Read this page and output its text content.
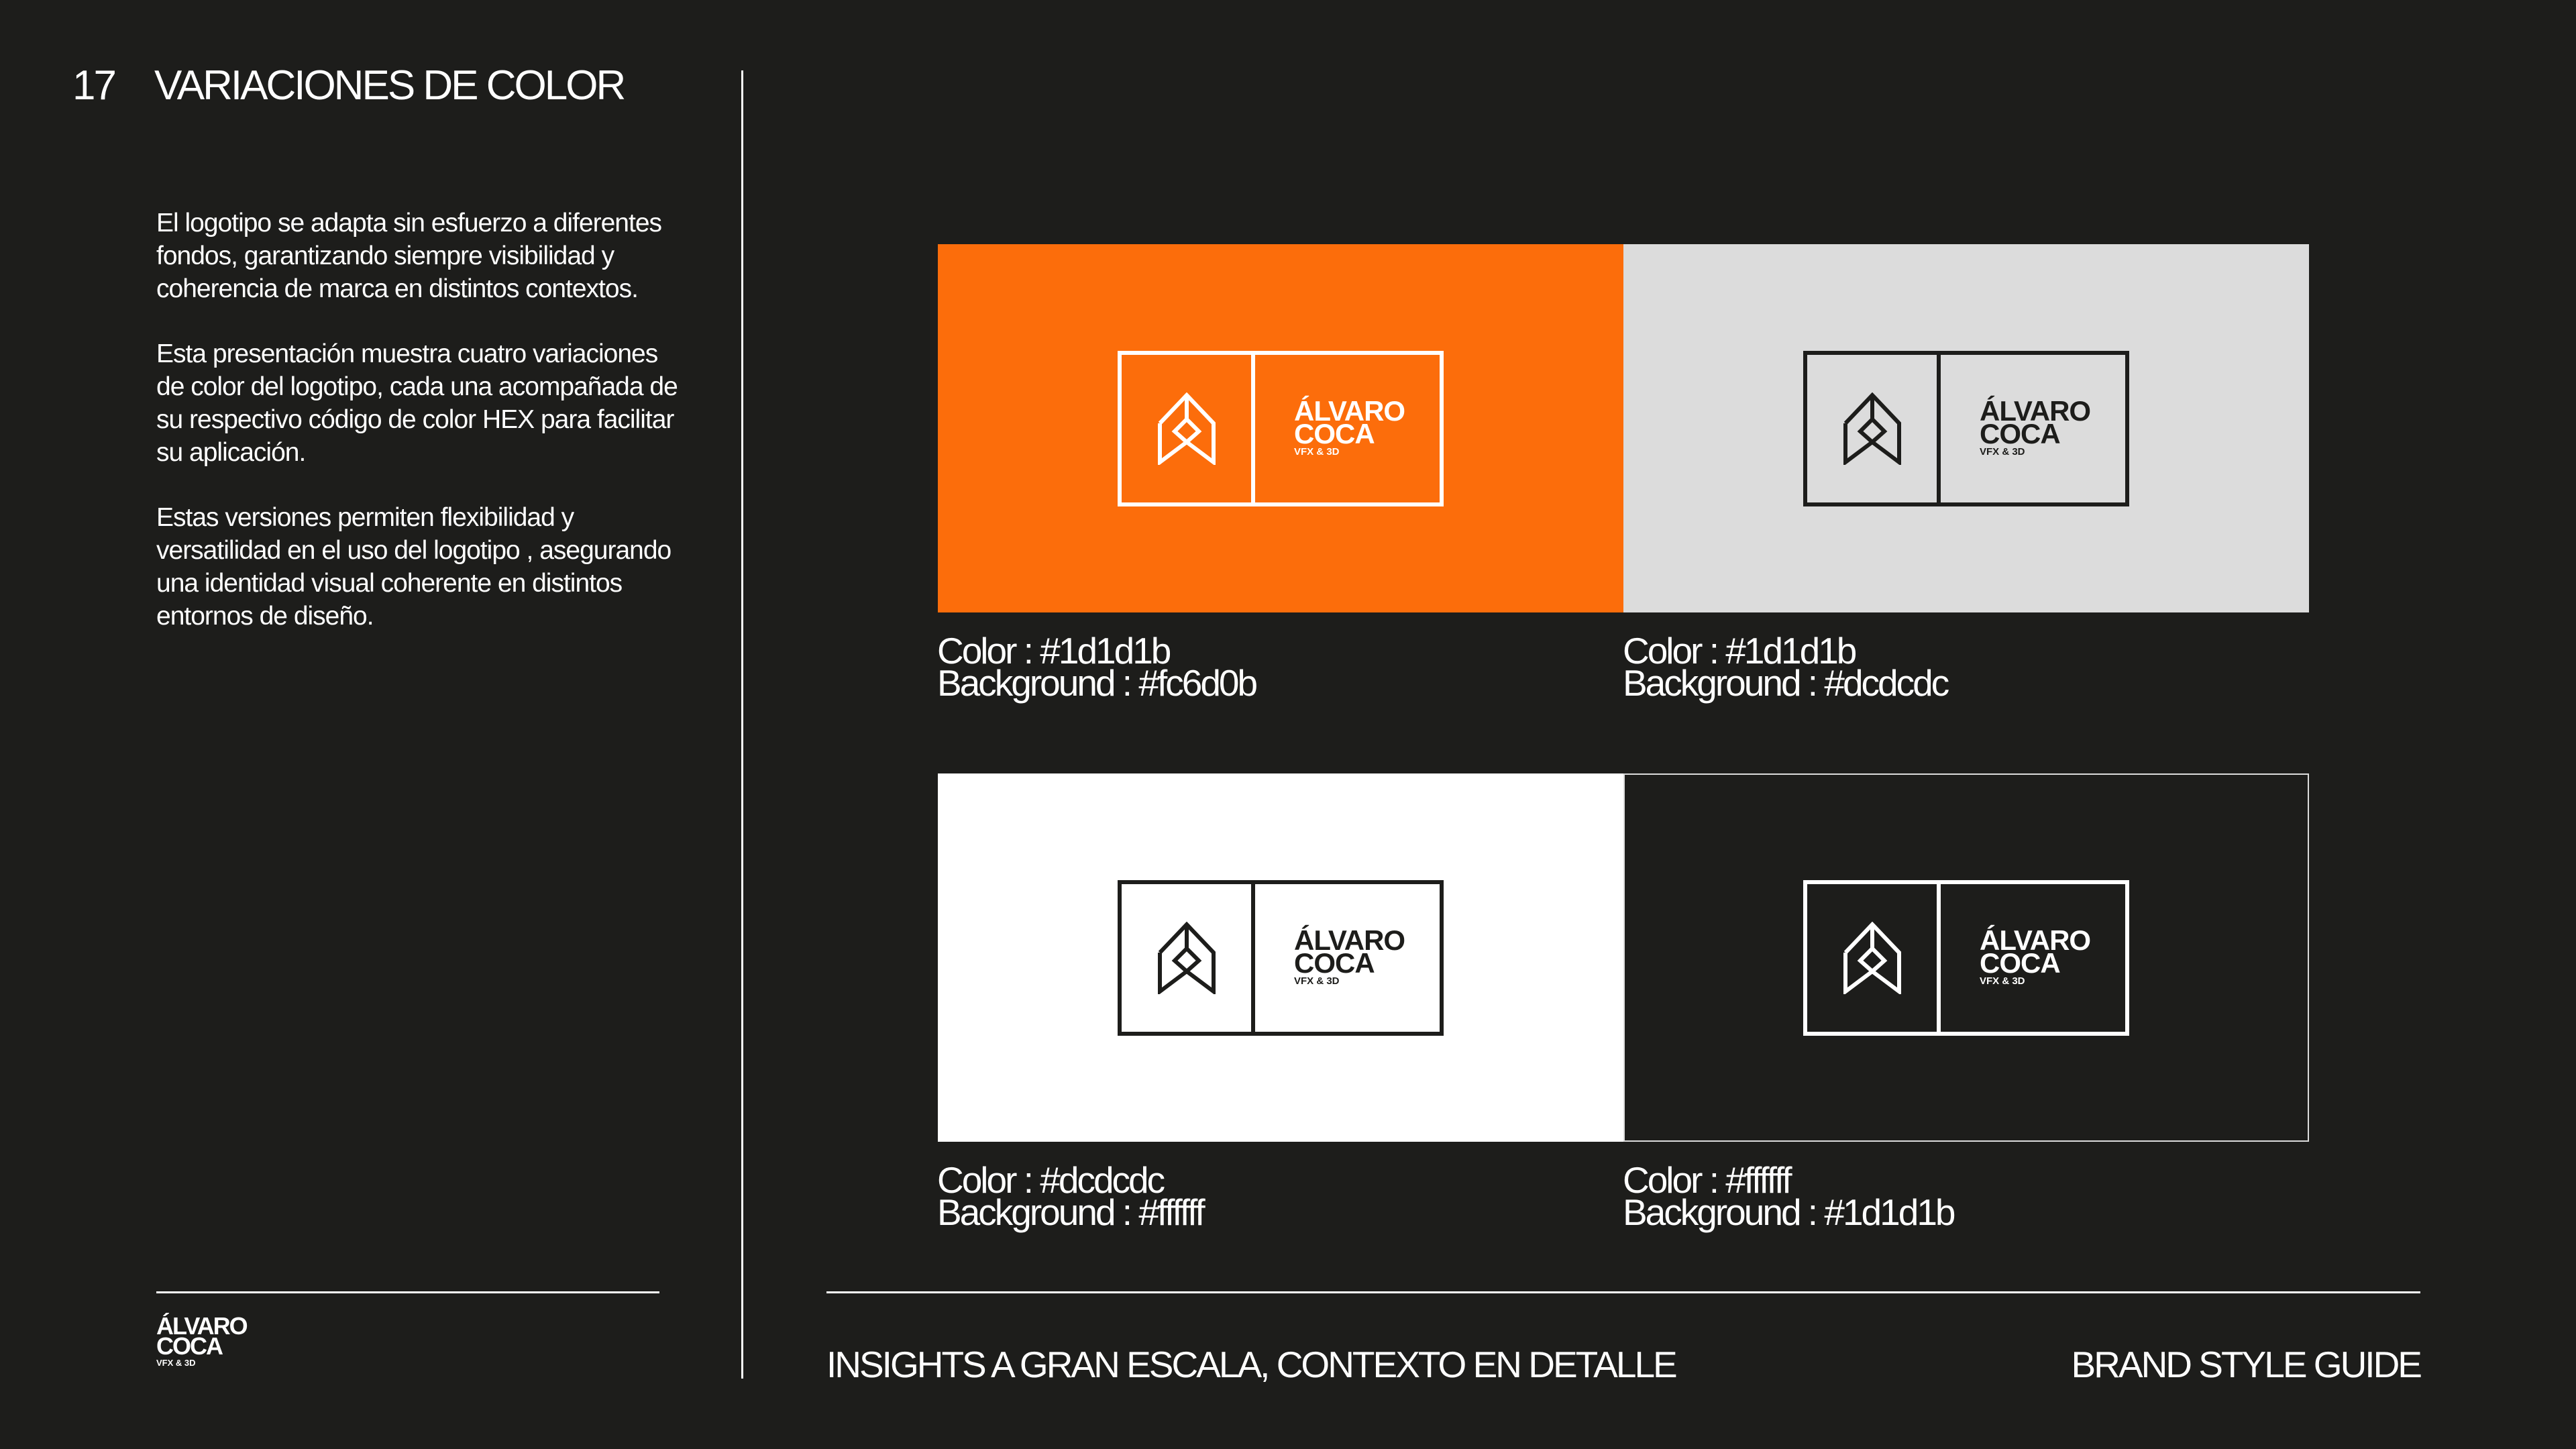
17 VARIACIONES DE COLOR

El logotipo se adapta sin esfuerzo a diferentes fondos, garantizando siempre visibilidad y coherencia de marca en distintos contextos.

Esta presentación muestra cuatro variaciones de color del logotipo, cada una acompañada de su respectivo código de color HEX para facilitar su aplicación.

Estas versiones permiten flexibilidad y versatilidad en el uso del logotipo , asegurando una identidad visual coherente en distintos entornos de diseño.

ÁLVARO
COCA
VFX & 3D
ÁLVARO
COCA
VFX & 3D
ÁLVARO
COCA
VFX & 3D
ÁLVARO
COCA
VFX & 3D
ÁLVARO
COCA
VFX & 3D
Color : #1d1d1b
Background : #fc6d0b
Color : #1d1d1b
Background : #dcdcdc
Color : #dcdcdc
Background : #ffffff
Color : #ffffff
Background : #1d1d1b
INSIGHTS A GRAN ESCALA, CONTEXTO EN DETALLE	BRAND STYLE GUIDE
